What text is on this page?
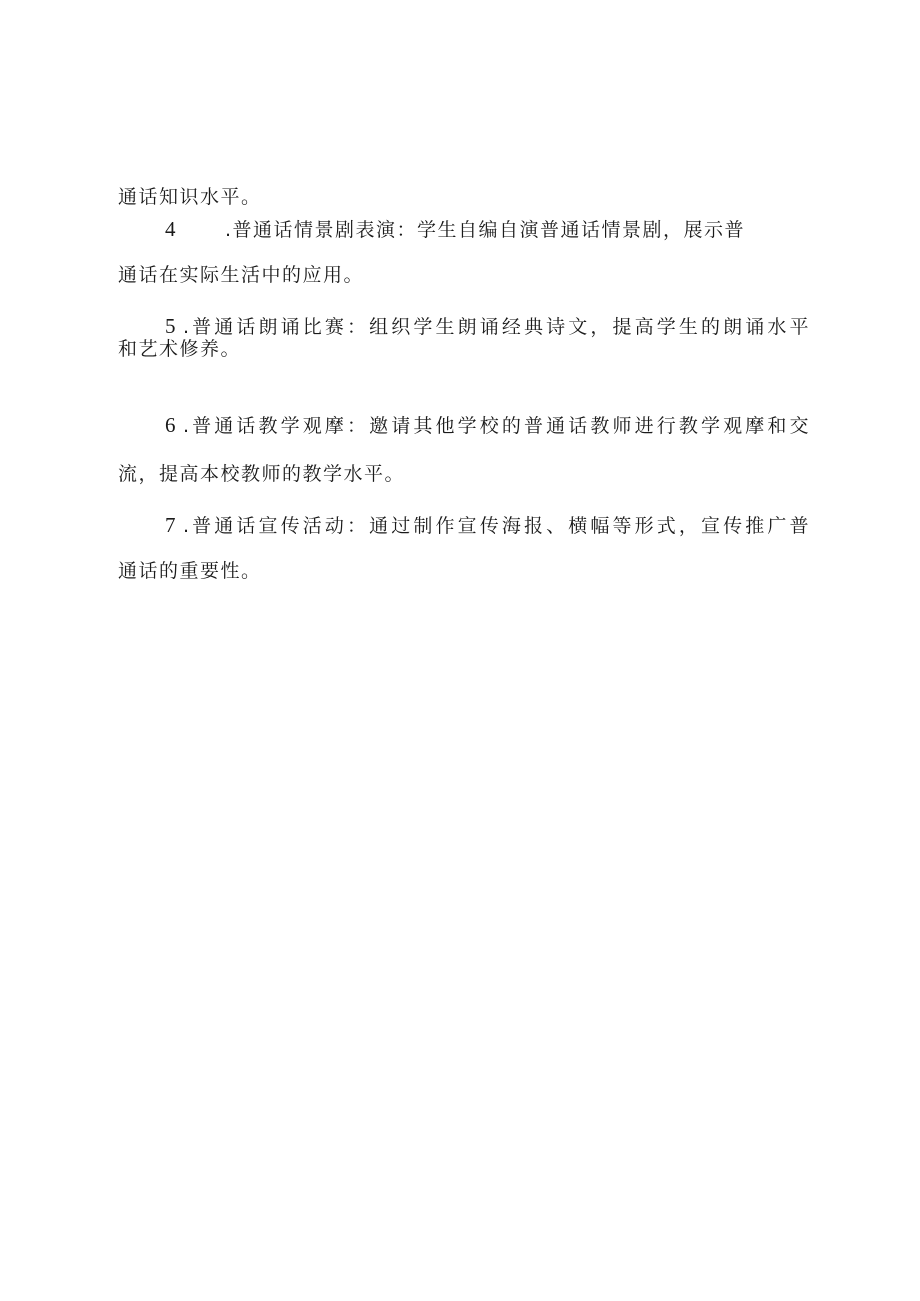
通话知识水平。
4	.普通话情景剧表演：学生自编自演普通话情景剧，展示普
通话在实际生活中的应用。
5 .普通话朗诵比赛：组织学生朗诵经典诗文，提高学生的朗诵水平
和艺术修养。
6 .普通话教学观摩：邀请其他学校的普通话教师进行教学观摩和交
流，提高本校教师的教学水平。
7 .普通话宣传活动：通过制作宣传海报、横幅等形式，宣传推广普
通话的重要性。
